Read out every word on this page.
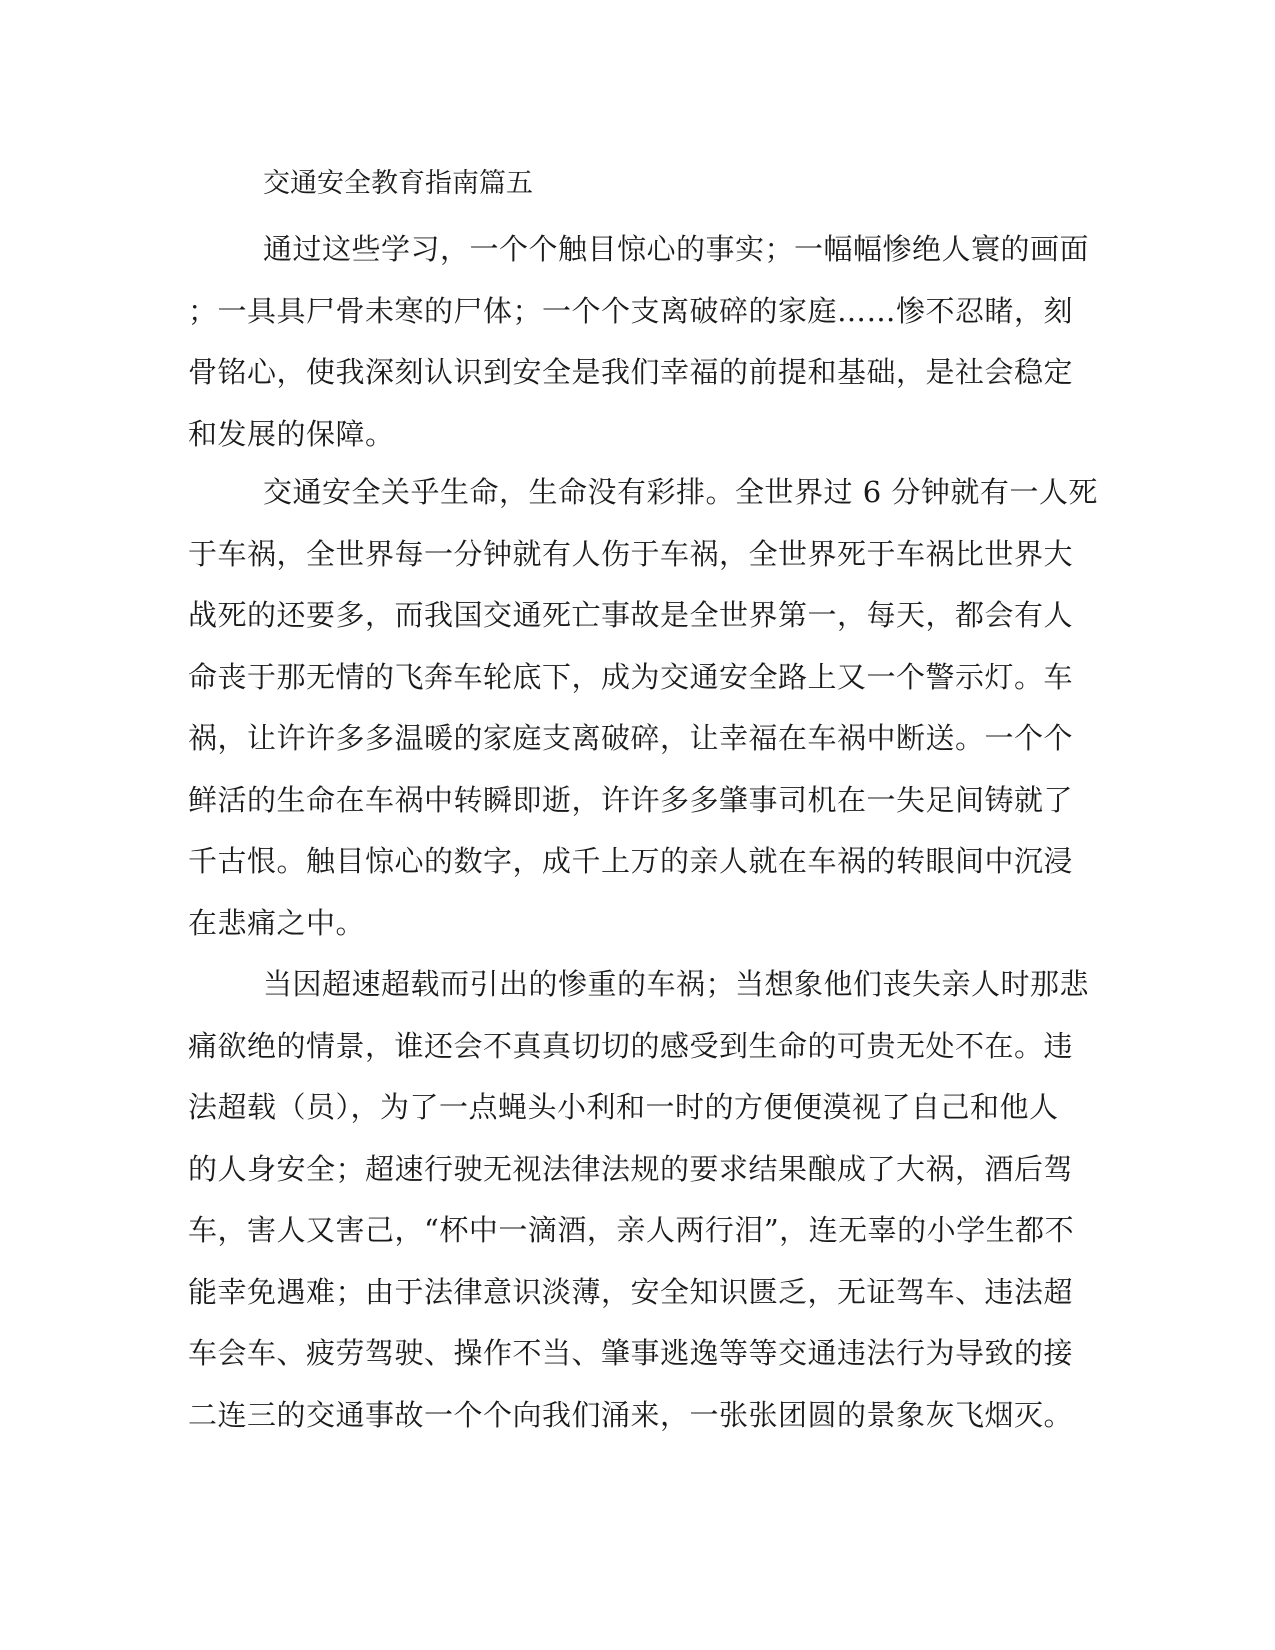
交通安全教育指南篇五
通过这些学习，一个个触目惊心的事实；一幅幅惨绝人寰的画面
；一具具尸骨未寒的尸体；一个个支离破碎的家庭……惨不忍睹，刻
骨铭心，使我深刻认识到安全是我们幸福的前提和基础，是社会稳定
和发展的保障。
交通安全关乎生命，生命没有彩排。全世界过 6 分钟就有一人死
于车祸，全世界每一分钟就有人伤于车祸，全世界死于车祸比世界大
战死的还要多，而我国交通死亡事故是全世界第一，每天，都会有人
命丧于那无情的飞奔车轮底下，成为交通安全路上又一个警示灯。车
祸，让许许多多温暖的家庭支离破碎，让幸福在车祸中断送。一个个
鲜活的生命在车祸中转瞬即逝，许许多多肇事司机在一失足间铸就了
千古恨。触目惊心的数字，成千上万的亲人就在车祸的转眼间中沉浸
在悲痛之中。
当因超速超载而引出的惨重的车祸；当想象他们丧失亲人时那悲
痛欲绝的情景，谁还会不真真切切的感受到生命的可贵无处不在。违
法超载（员），为了一点蝇头小利和一时的方便便漠视了自己和他人
的人身安全；超速行驶无视法律法规的要求结果酿成了大祸，酒后驾
车，害人又害己，“杯中一滴酒，亲人两行泪”，连无辜的小学生都不
能幸免遇难；由于法律意识淡薄，安全知识匮乏，无证驾车、违法超
车会车、疲劳驾驶、操作不当、肇事逃逸等等交通违法行为导致的接
二连三的交通事故一个个向我们涌来，一张张团圆的景象灰飞烟灭。
